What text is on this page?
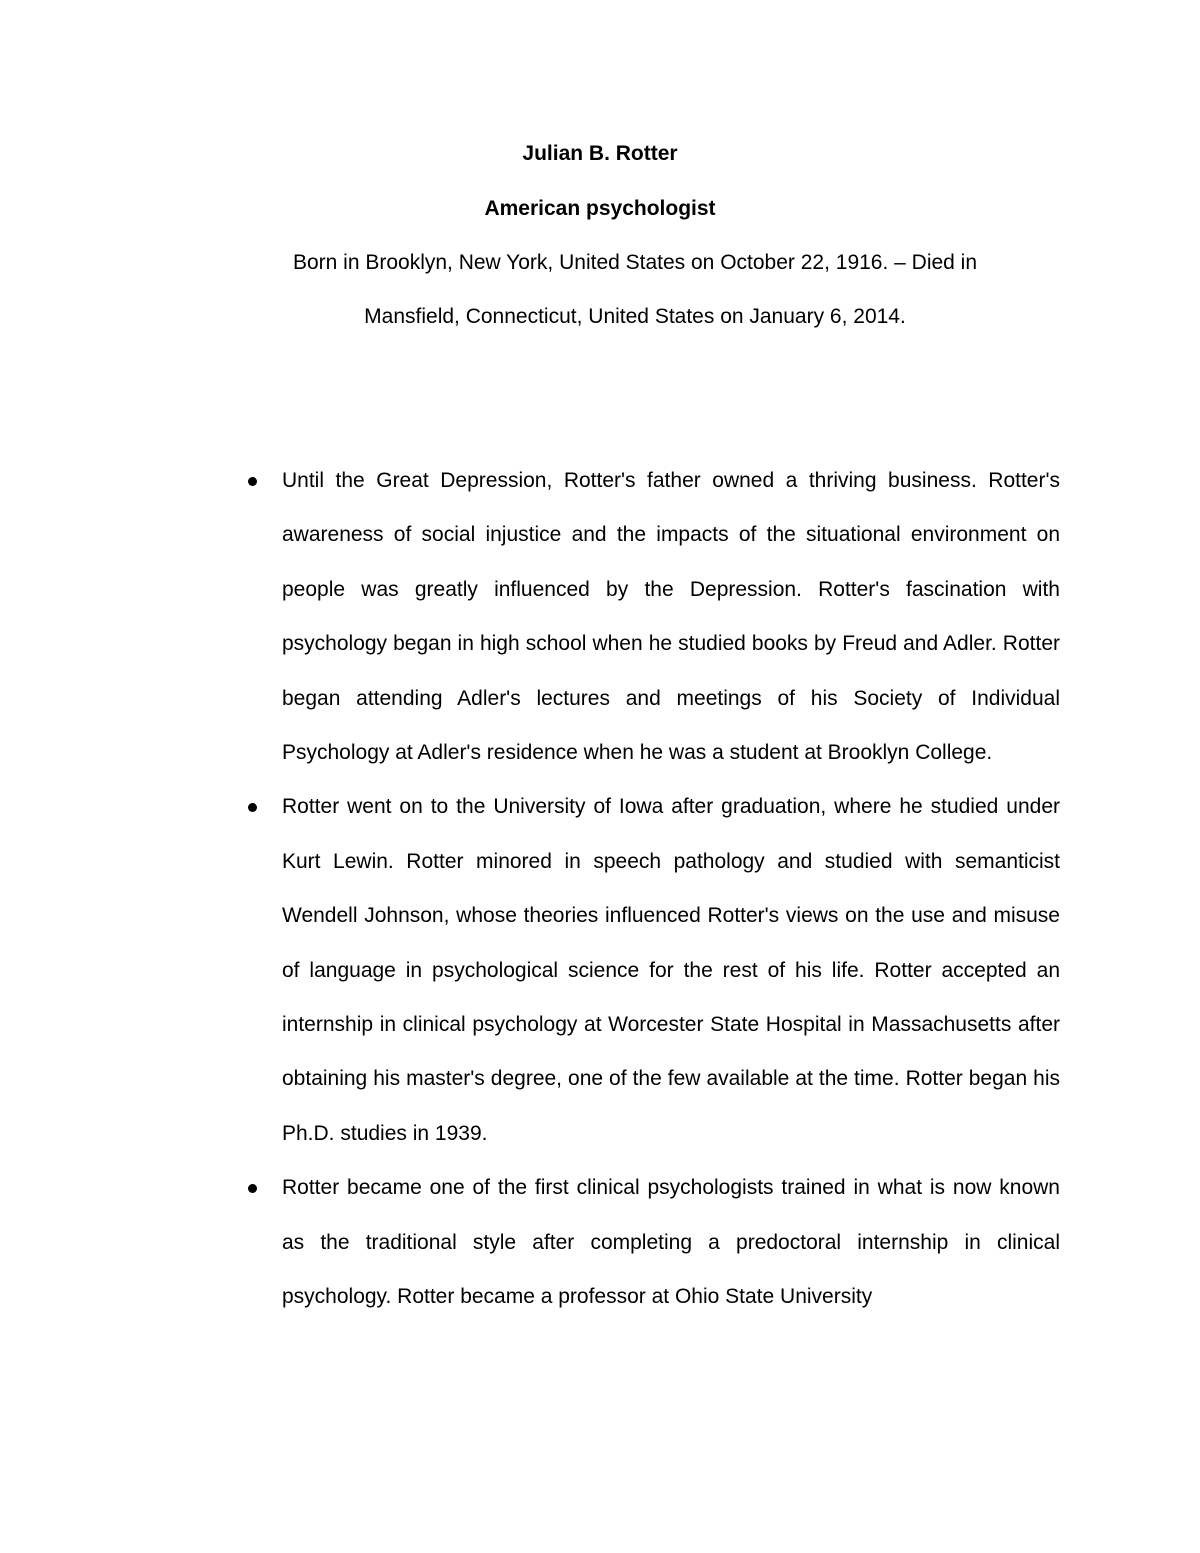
Julian B. Rotter
American psychologist
Born in Brooklyn, New York, United States on October 22, 1916. – Died in
Mansfield, Connecticut, United States on January 6, 2014.
Until the Great Depression, Rotter's father owned a thriving business. Rotter's awareness of social injustice and the impacts of the situational environment on people was greatly influenced by the Depression. Rotter's fascination with psychology began in high school when he studied books by Freud and Adler. Rotter began attending Adler's lectures and meetings of his Society of Individual Psychology at Adler's residence when he was a student at Brooklyn College.
Rotter went on to the University of Iowa after graduation, where he studied under Kurt Lewin. Rotter minored in speech pathology and studied with semanticist Wendell Johnson, whose theories influenced Rotter's views on the use and misuse of language in psychological science for the rest of his life. Rotter accepted an internship in clinical psychology at Worcester State Hospital in Massachusetts after obtaining his master's degree, one of the few available at the time. Rotter began his Ph.D. studies in 1939.
Rotter became one of the first clinical psychologists trained in what is now known as the traditional style after completing a predoctoral internship in clinical psychology. Rotter became a professor at Ohio State University
